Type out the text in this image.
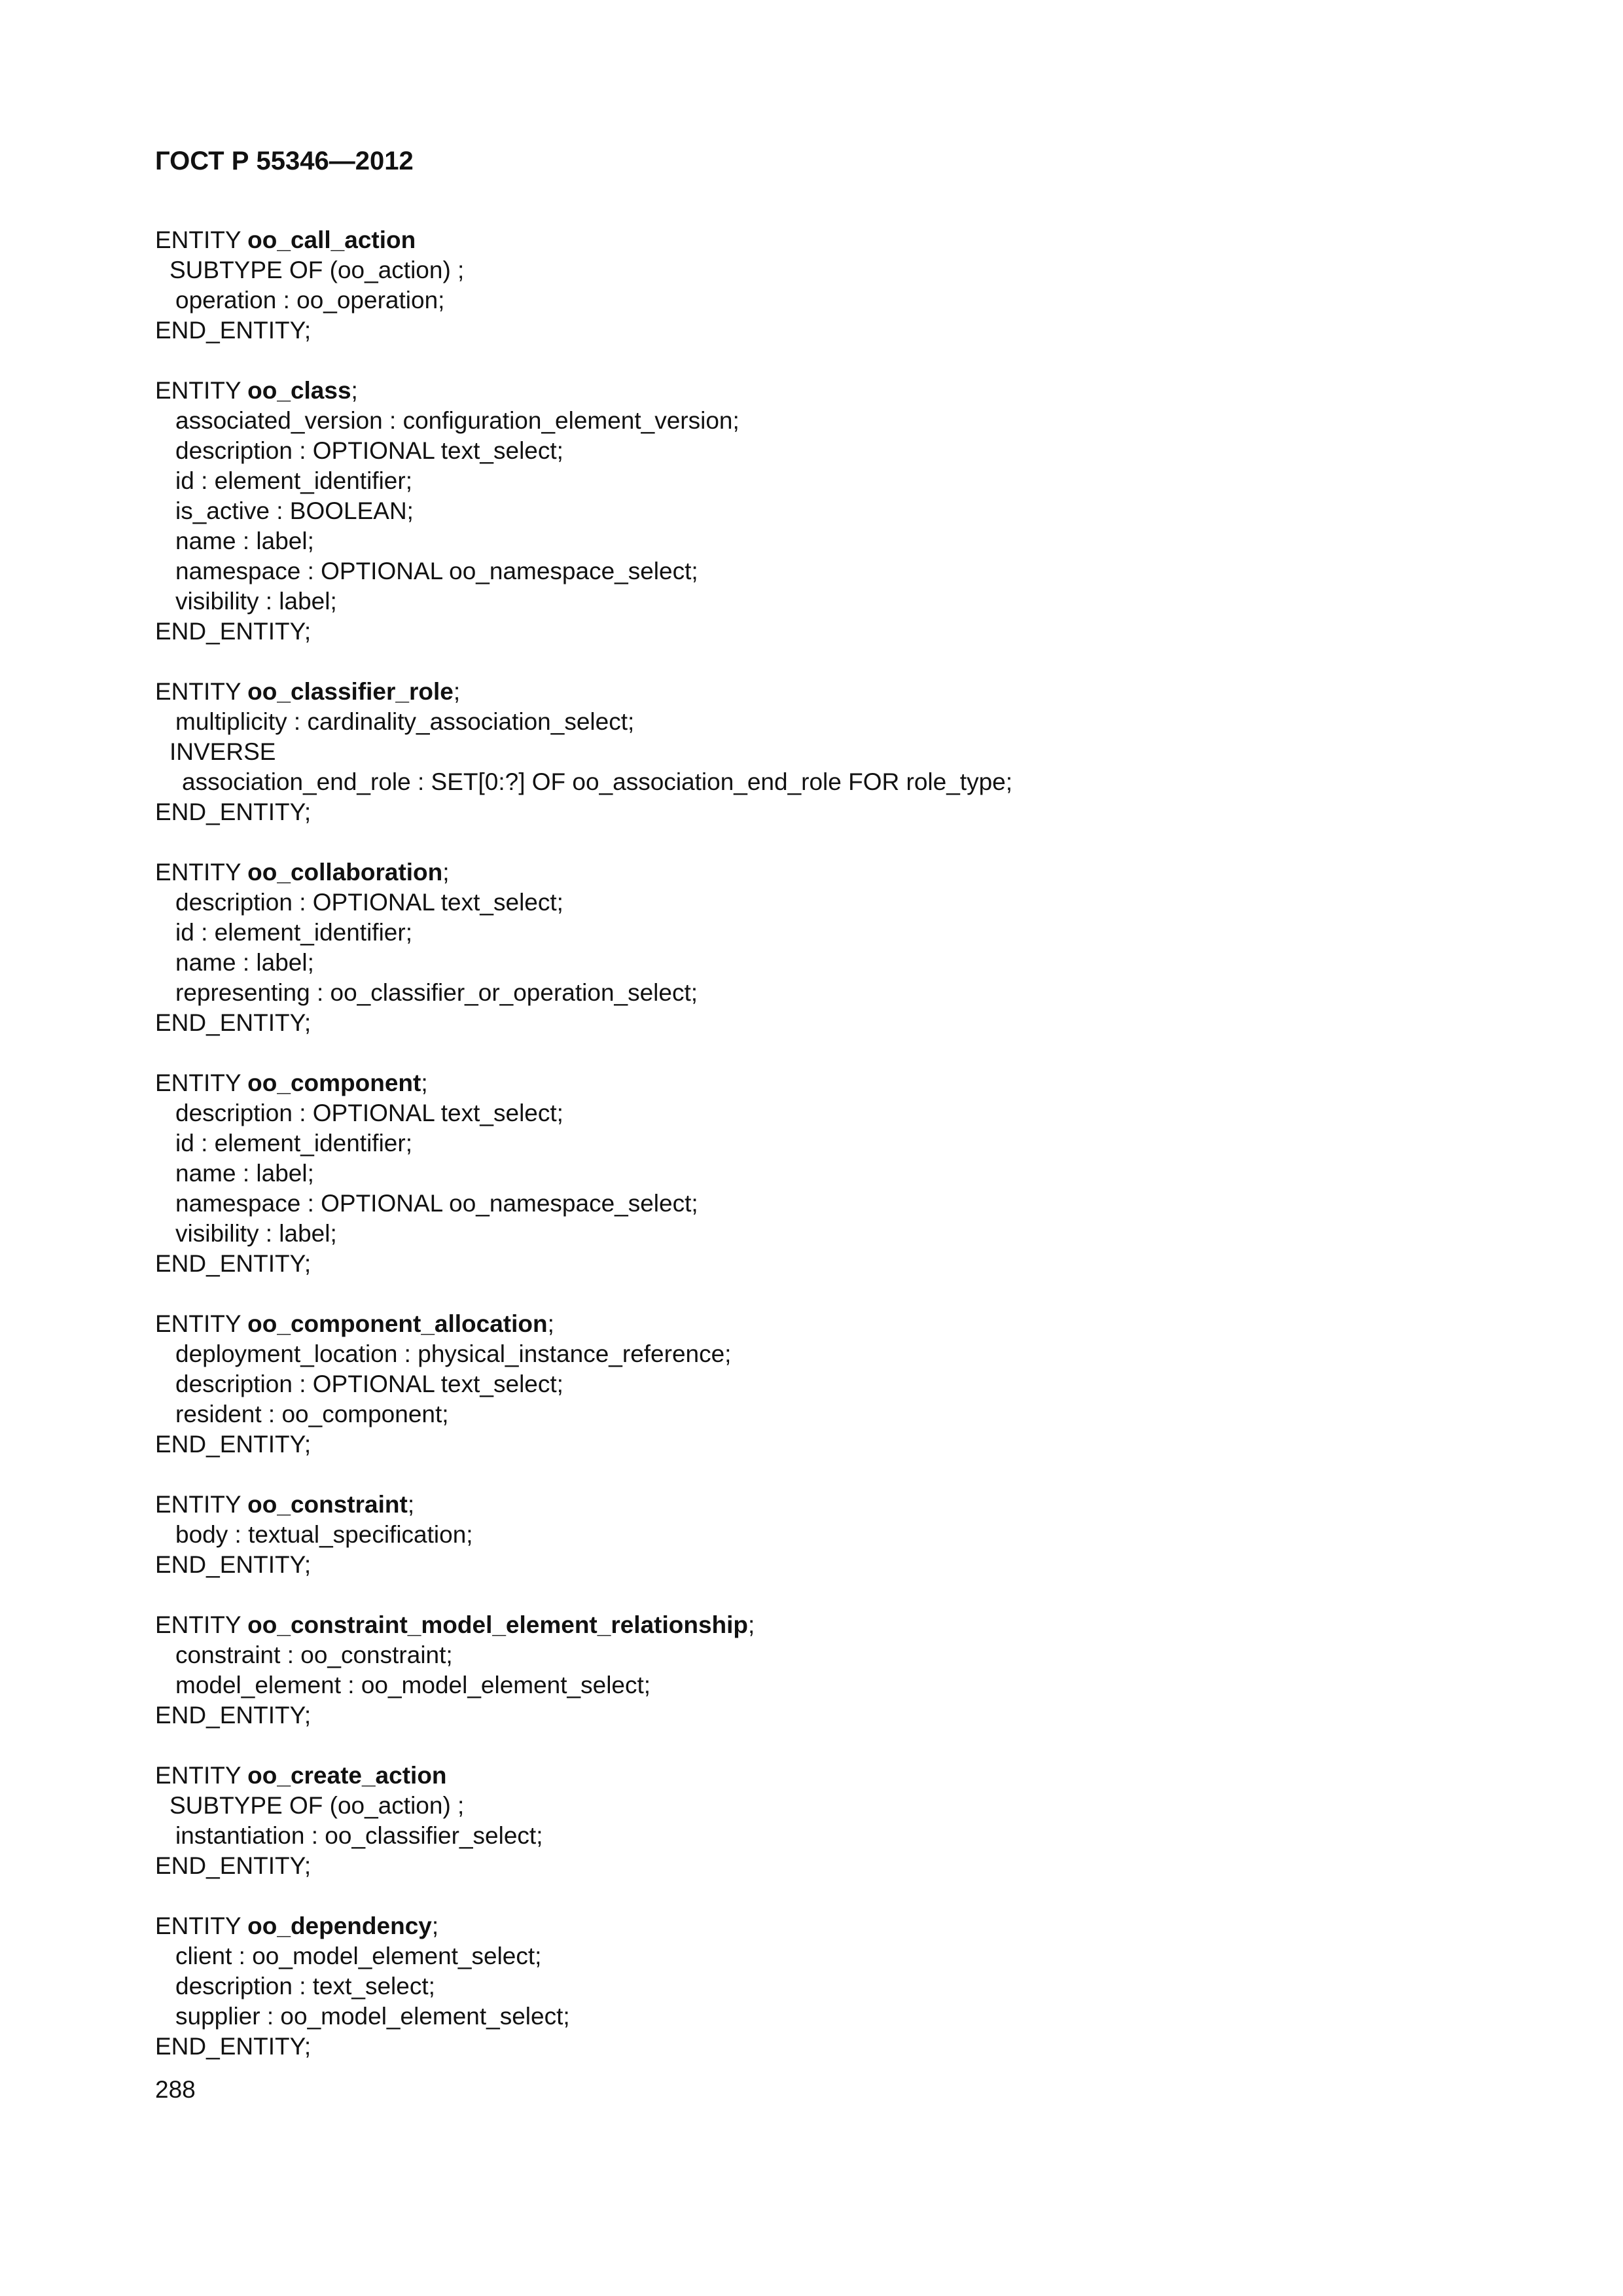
ГОСТ Р 55346—2012
ENTITY oo_call_action
SUBTYPE OF (oo_action) ;
operation : oo_operation;
END_ENTITY;
ENTITY oo_class;
associated_version : configuration_element_version;
description : OPTIONAL text_select;
id : element_identifier;
is_active : BOOLEAN;
name : label;
namespace : OPTIONAL oo_namespace_select;
visibility : label;
END_ENTITY;
ENTITY oo_classifier_role;
multiplicity : cardinality_association_select;
INVERSE
association_end_role : SET[0:?] OF oo_association_end_role FOR role_type;
END_ENTITY;
ENTITY oo_collaboration;
description : OPTIONAL text_select;
id : element_identifier;
name : label;
representing : oo_classifier_or_operation_select;
END_ENTITY;
ENTITY oo_component;
description : OPTIONAL text_select;
id : element_identifier;
name : label;
namespace : OPTIONAL oo_namespace_select;
visibility : label;
END_ENTITY;
ENTITY oo_component_allocation;
deployment_location : physical_instance_reference;
description : OPTIONAL text_select;
resident : oo_component;
END_ENTITY;
ENTITY oo_constraint;
body : textual_specification;
END_ENTITY;
ENTITY oo_constraint_model_element_relationship;
constraint : oo_constraint;
model_element : oo_model_element_select;
END_ENTITY;
ENTITY oo_create_action
SUBTYPE OF (oo_action) ;
instantiation : oo_classifier_select;
END_ENTITY;
ENTITY oo_dependency;
client : oo_model_element_select;
description : text_select;
supplier : oo_model_element_select;
END_ENTITY;
288
